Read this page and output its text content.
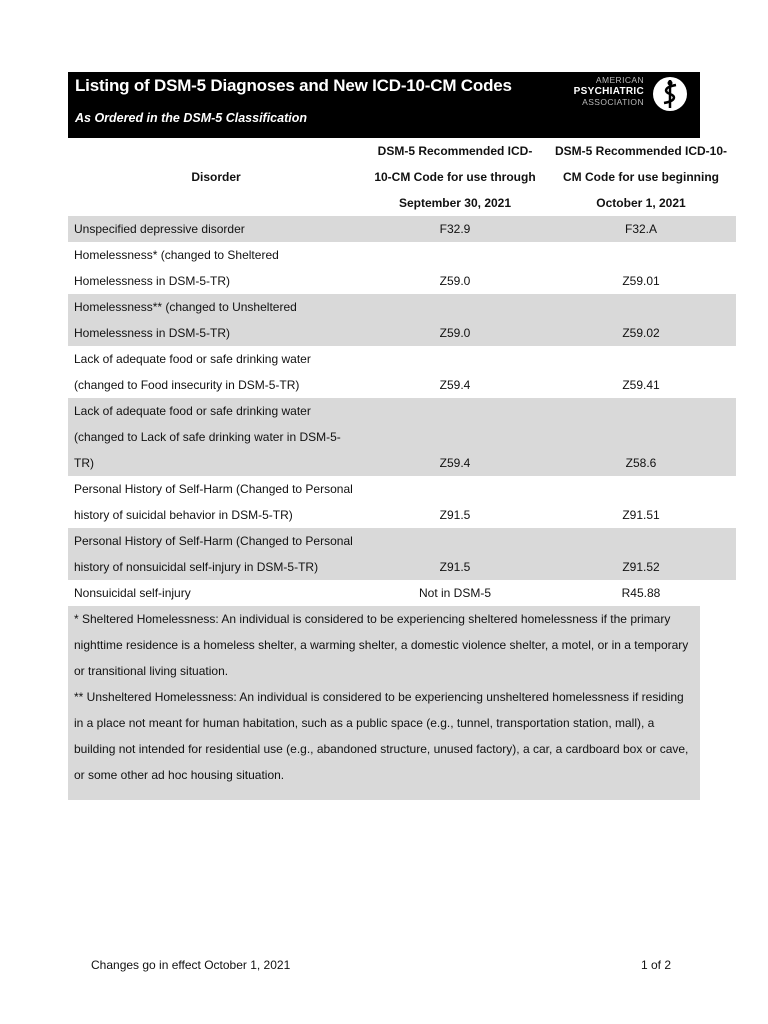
Listing of DSM-5 Diagnoses and New ICD-10-CM Codes
As Ordered in the DSM-5 Classification
AMERICAN
PSYCHIATRIC
ASSOCIATION
Disorder	DSM-5 Recommended ICD-10-CM Code for use through September 30, 2021	DSM-5 Recommended ICD-10-CM Code for use beginning October 1, 2021
Unspecified depressive disorder	F32.9	F32.A
Homelessness* (changed to Sheltered Homelessness in DSM-5-TR)	Z59.0	Z59.01
Homelessness** (changed to Unsheltered Homelessness in DSM-5-TR)	Z59.0	Z59.02
Lack of adequate food or safe drinking water (changed to Food insecurity in DSM-5-TR)	Z59.4	Z59.41
Lack of adequate food or safe drinking water (changed to Lack of safe drinking water in DSM-5-TR)	Z59.4	Z58.6
Personal History of Self-Harm (Changed to Personal history of suicidal behavior in DSM-5-TR)	Z91.5	Z91.51
Personal History of Self-Harm (Changed to Personal history of nonsuicidal self-injury in DSM-5-TR)	Z91.5	Z91.52
Nonsuicidal self-injury	Not in DSM-5	R45.88

* Sheltered Homelessness: An individual is considered to be experiencing sheltered homelessness if the primary nighttime residence is a homeless shelter, a warming shelter, a domestic violence shelter, a motel, or in a temporary or transitional living situation.

** Unsheltered Homelessness: An individual is considered to be experiencing unsheltered homelessness if residing in a place not meant for human habitation, such as a public space (e.g., tunnel, transportation station, mall), a building not intended for residential use (e.g., abandoned structure, unused factory), a car, a cardboard box or cave, or some other ad hoc housing situation.

Changes go in effect October 1, 2021	1 of 2
